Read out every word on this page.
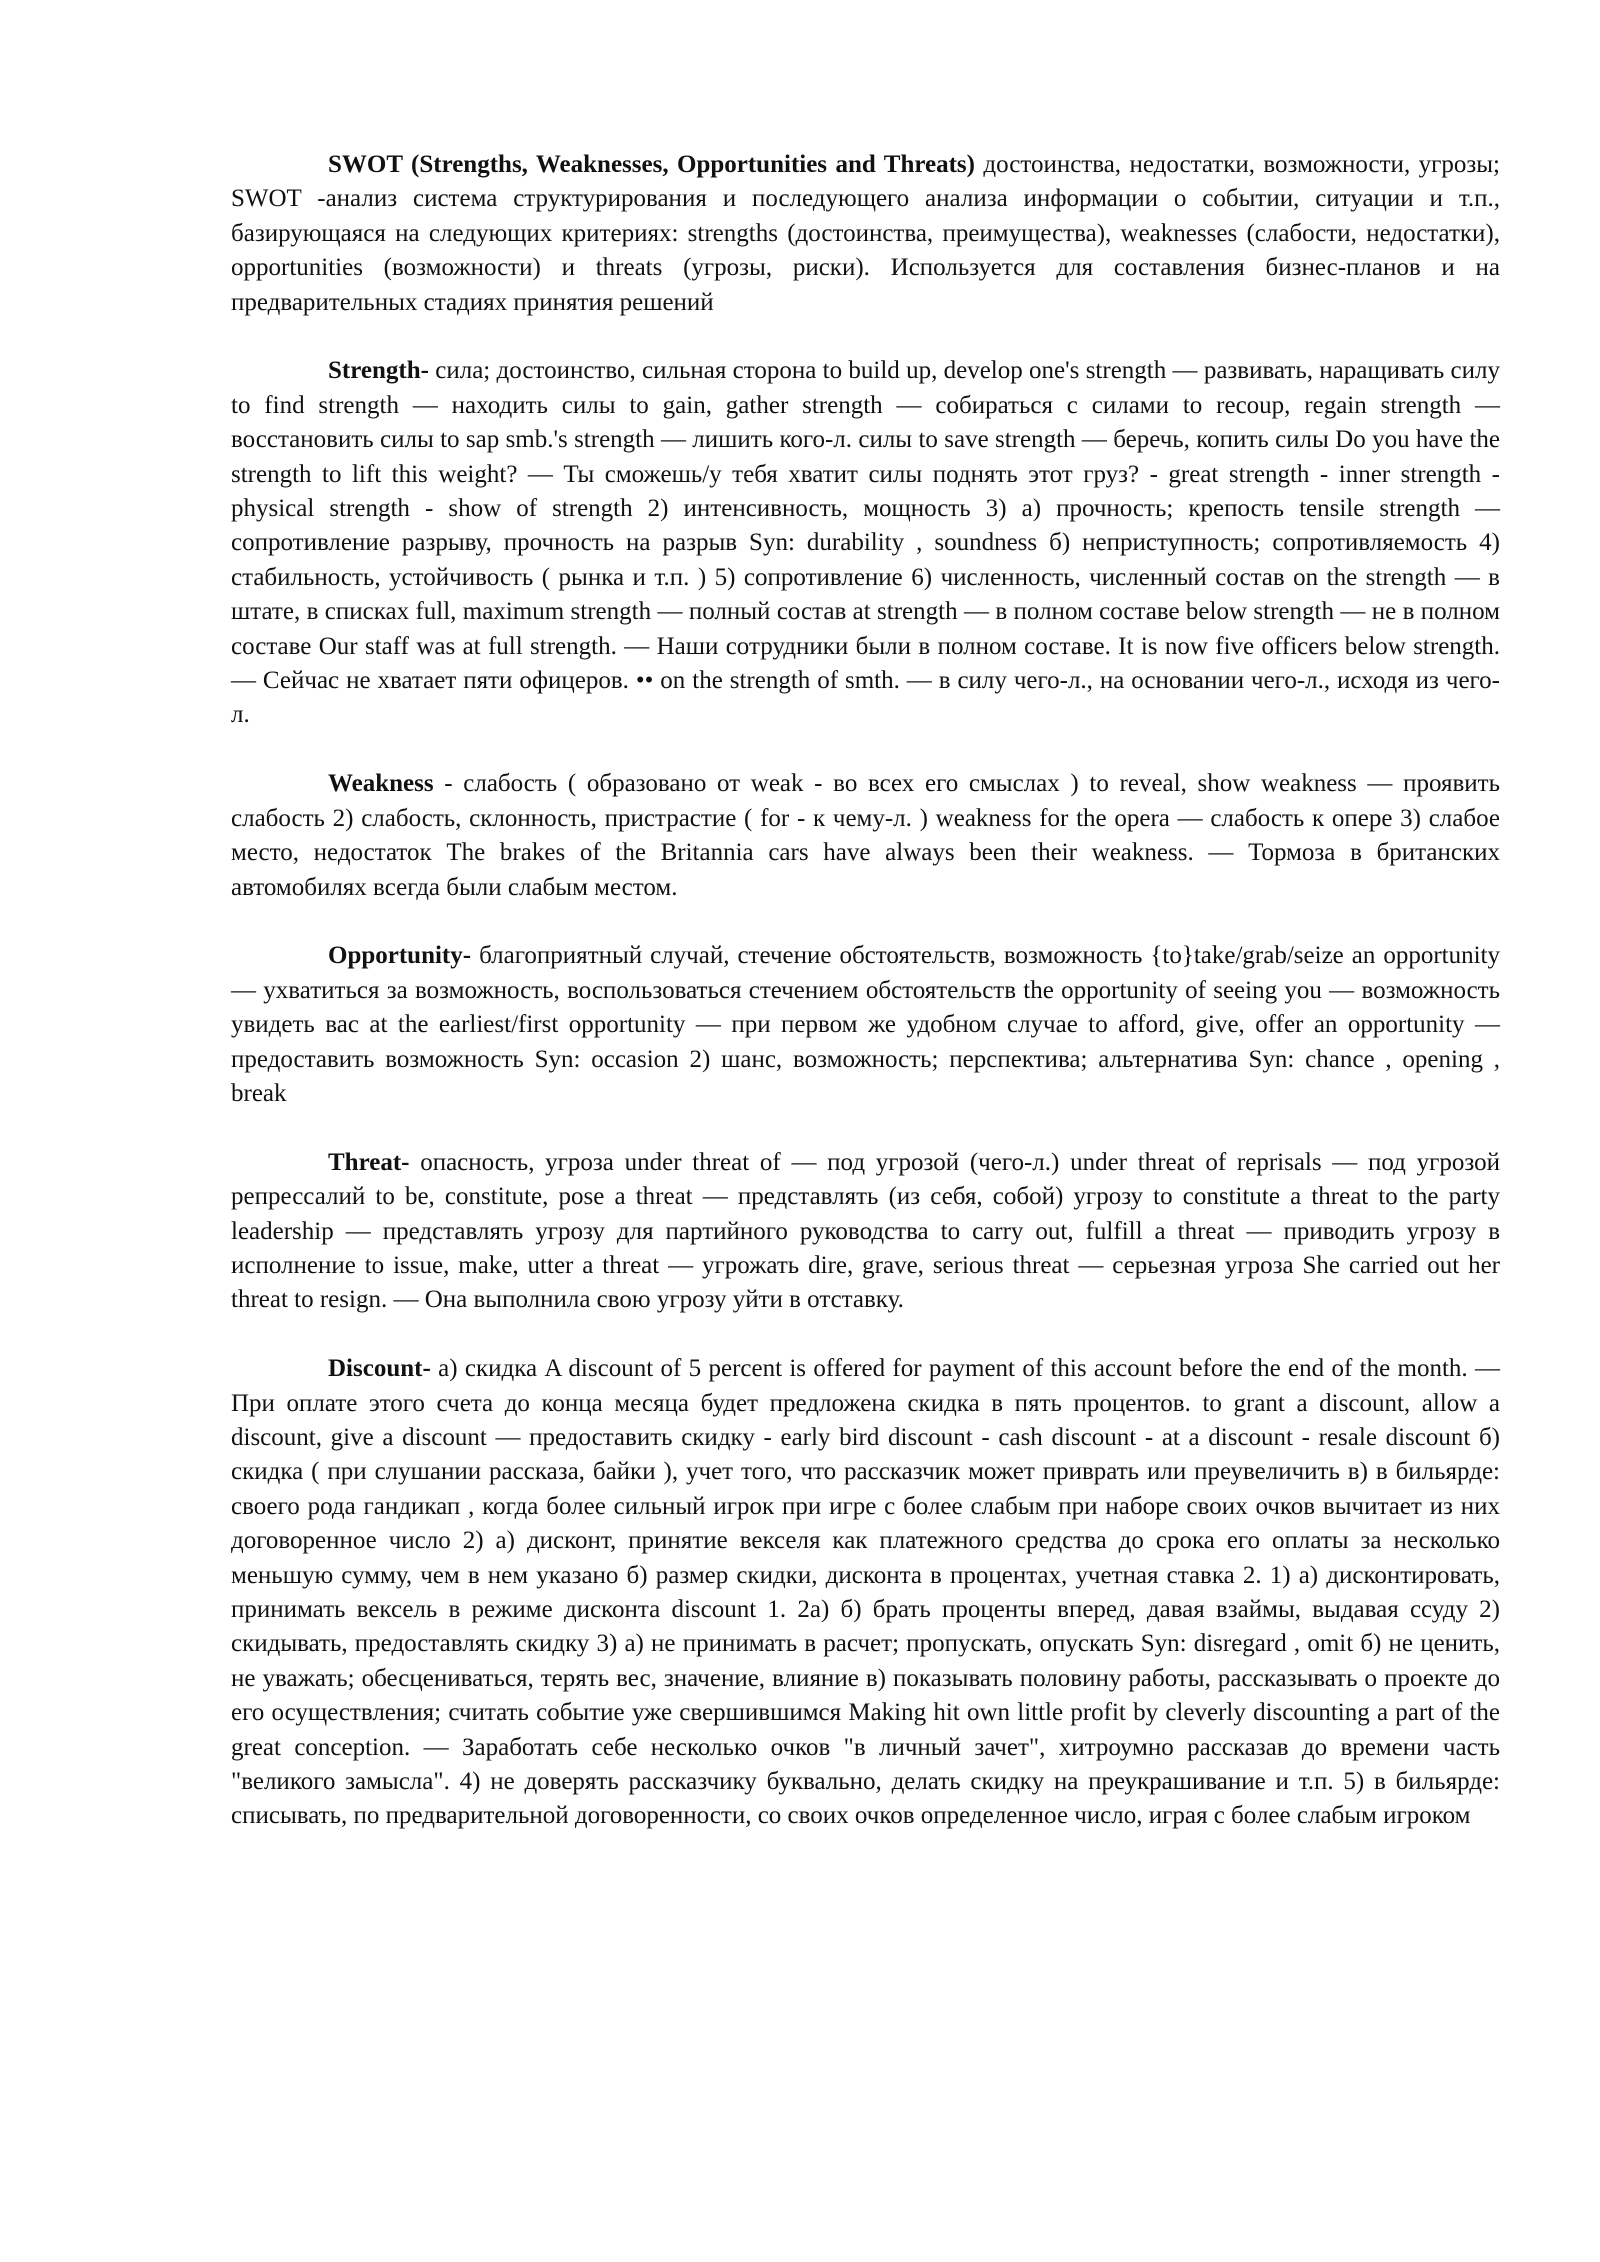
SWOT (Strengths, Weaknesses, Opportunities and Threats) достоинства, недостатки, возможности, угрозы; SWOT -анализ система структурирования и последующего анализа информации о событии, ситуации и т.п., базирующаяся на следующих критериях: strengths (достоинства, преимущества), weaknesses (слабости, недостатки), opportunities (возможности) и threats (угрозы, риски). Используется для составления бизнес-планов и на предварительных стадиях принятия решений

Strength- сила; достоинство, сильная сторона to build up, develop one's strength — развивать, наращивать силу to find strength — находить силы to gain, gather strength — собираться с силами to recoup, regain strength — восстановить силы to sap smb.'s strength — лишить кого-л. силы to save strength — беречь, копить силы Do you have the strength to lift this weight? — Ты сможешь/у тебя хватит силы поднять этот груз? - great strength - inner strength - physical strength - show of strength 2) интенсивность, мощность 3) а) прочность; крепость tensile strength — сопротивление разрыву, прочность на разрыв Syn: durability , soundness б) неприступность; сопротивляемость 4) стабильность, устойчивость ( рынка и т.п. ) 5) сопротивление 6) численность, численный состав on the strength — в штате, в списках full, maximum strength — полный состав at strength — в полном составе below strength — не в полном составе Our staff was at full strength. — Наши сотрудники были в полном составе. It is now five officers below strength. — Сейчас не хватает пяти офицеров. •• on the strength of smth. — в силу чего-л., на основании чего-л., исходя из чего-л.

Weakness - слабость ( образовано от weak - во всех его смыслах ) to reveal, show weakness — проявить слабость 2) слабость, склонность, пристрастие ( for - к чему-л. ) weakness for the opera — слабость к опере 3) слабое место, недостаток The brakes of the Britannia cars have always been their weakness. — Тормоза в британских автомобилях всегда были слабым местом.

Opportunity- благоприятный случай, стечение обстоятельств, возможность {to}take/grab/seize an opportunity — ухватиться за возможность, воспользоваться стечением обстоятельств the opportunity of seeing you — возможность увидеть вас at the earliest/first opportunity — при первом же удобном случае to afford, give, offer an opportunity — предоставить возможность Syn: occasion 2) шанс, возможность; перспектива; альтернатива Syn: chance , opening , break

Threat- опасность, угроза under threat of — под угрозой (чего-л.) under threat of reprisals — под угрозой репрессалий to be, constitute, pose a threat — представлять (из себя, собой) угрозу to constitute a threat to the party leadership — представлять угрозу для партийного руководства to carry out, fulfill a threat — приводить угрозу в исполнение to issue, make, utter a threat — угрожать dire, grave, serious threat — серьезная угроза She carried out her threat to resign. — Она выполнила свою угрозу уйти в отставку.

Discount- а) скидка A discount of 5 percent is offered for payment of this account before the end of the month. — При оплате этого счета до конца месяца будет предложена скидка в пять процентов. to grant a discount, allow a discount, give a discount — предоставить скидку - early bird discount - cash discount - at a discount - resale discount б) скидка ( при слушании рассказа, байки ), учет того, что рассказчик может приврать или преувеличить в) в бильярде: своего рода гандикап , когда более сильный игрок при игре с более слабым при наборе своих очков вычитает из них договоренное число 2) а) дисконт, принятие векселя как платежного средства до срока его оплаты за несколько меньшую сумму, чем в нем указано б) размер скидки, дисконта в процентах, учетная ставка 2. 1) а) дисконтировать, принимать вексель в режиме дисконта discount 1. 2а) б) брать проценты вперед, давая взаймы, выдавая ссуду 2) скидывать, предоставлять скидку 3) а) не принимать в расчет; пропускать, опускать Syn: disregard , omit б) не ценить, не уважать; обесцениваться, терять вес, значение, влияние в) показывать половину работы, рассказывать о проекте до его осуществления; считать событие уже свершившимся Making hit own little profit by cleverly discounting a part of the great conception. — Заработать себе несколько очков "в личный зачет", хитроумно рассказав до времени часть "великого замысла". 4) не доверять рассказчику буквально, делать скидку на преукрашивание и т.п. 5) в бильярде: списывать, по предварительной договоренности, со своих очков определенное число, играя с более слабым игроком
